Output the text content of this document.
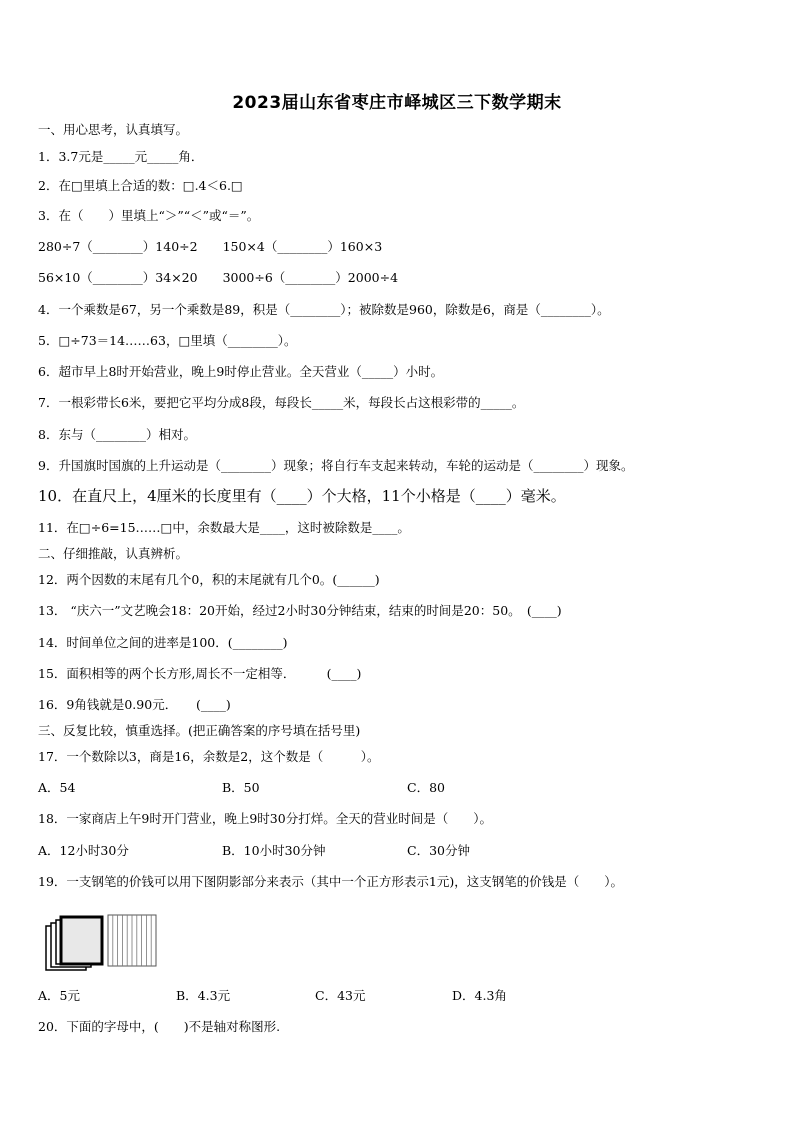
2023届山东省枣庄市峄城区三下数学期末
一、用心思考，认真填写。
1．3.7元是_____元_____角．
2．在□里填上合适的数：□.4＜6.□
3．在（　　）里填上“＞”“＜”或“＝”。
280÷7（________）140÷2　　150×4（________）160×3
56×10（________）34×20　　3000÷6（________）2000÷4
4．一个乘数是67，另一个乘数是89，积是（________）；被除数是960，除数是6，商是（________）。
5．□÷73＝14……63，□里填（________）。
6．超市早上8时开始营业，晚上9时停止营业。全天营业（_____）小时。
7．一根彩带长6米，要把它平均分成8段，每段长_____米，每段长占这根彩带的_____。
8．东与（________）相对。
9．升国旗时国旗的上升运动是（________）现象；将自行车支起来转动，车轮的运动是（________）现象。
10．在直尺上，4厘米的长度里有（____）个大格，11个小格是（____）毫米。
11．在□÷6=15……□中，余数最大是____，这时被除数是____。
二、仔细推敲，认真辨析。
12．两个因数的末尾有几个0，积的末尾就有几个0。(______)
13． “庆六一”文艺晚会18：20开始，经过2小时30分钟结束，结束的时间是20：50。　(____)
14．时间单位之间的进率是100．(________)
15．面积相等的两个长方形,周长不一定相等．　　　(____)
16．9角钱就是0.90元．　　(____)
三、反复比较，慎重选择。(把正确答案的序号填在括号里)
17．一个数除以3，商是16，余数是2，这个数是（　　　）。
A．54	B．50	C．80
18．一家商店上午9时开门营业，晚上9时30分打烊。全天的营业时间是（　　）。
A．12小时30分	B．10小时30分钟	C．30分钟
19．一支钢笔的价钱可以用下图阴影部分来表示（其中一个正方形表示1元)，这支钢笔的价钱是（　　）。
A．5元	B．4.3元	C．43元	D．4.3角
20．下面的字母中，(　　)不是轴对称图形.
